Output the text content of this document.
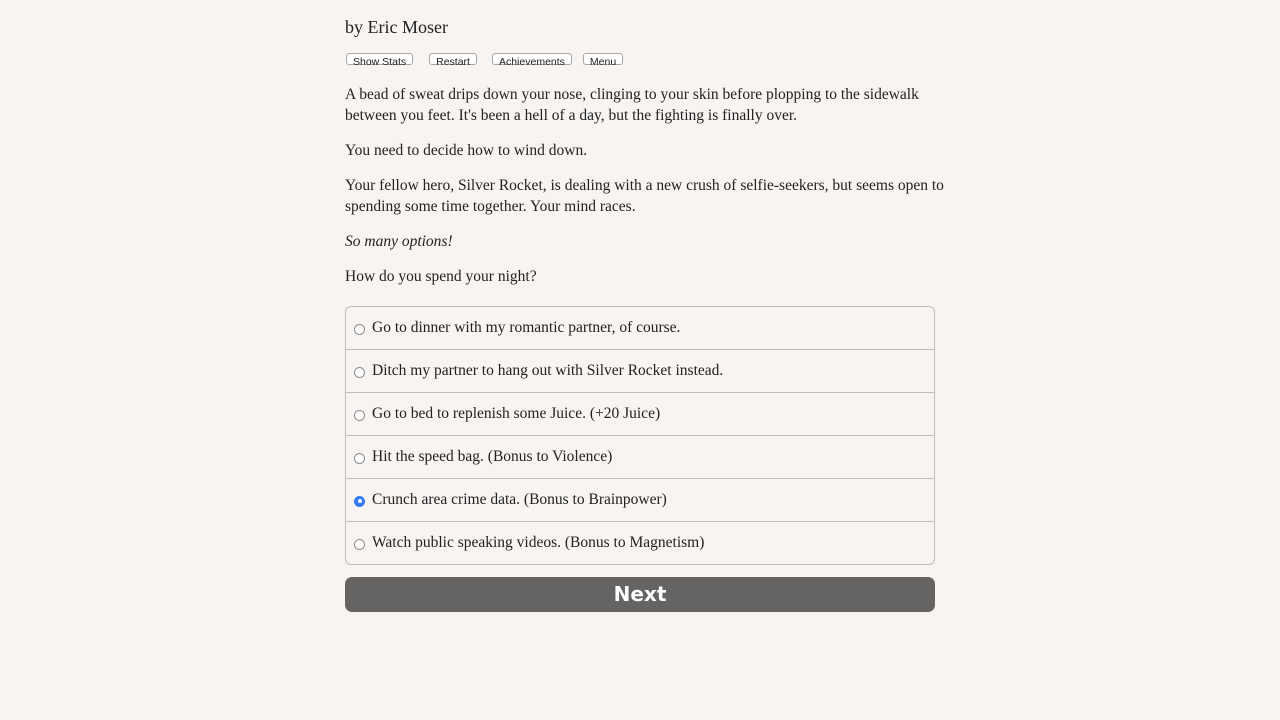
by Eric Moser
Show Stats	Restart	Achievements	Menu

A bead of sweat drips down your nose, clinging to your skin before plopping to the sidewalk between you feet. It's been a hell of a day, but the fighting is finally over.

You need to decide how to wind down.

Your fellow hero, Silver Rocket, is dealing with a new crush of selfie-seekers, but seems open to spending some time together. Your mind races.

So many options!

How do you spend your night?

Go to dinner with my romantic partner, of course.
Ditch my partner to hang out with Silver Rocket instead.
Go to bed to replenish some Juice. (+20 Juice)
Hit the speed bag. (Bonus to Violence)
Crunch area crime data. (Bonus to Brainpower)
Watch public speaking videos. (Bonus to Magnetism)
Next
